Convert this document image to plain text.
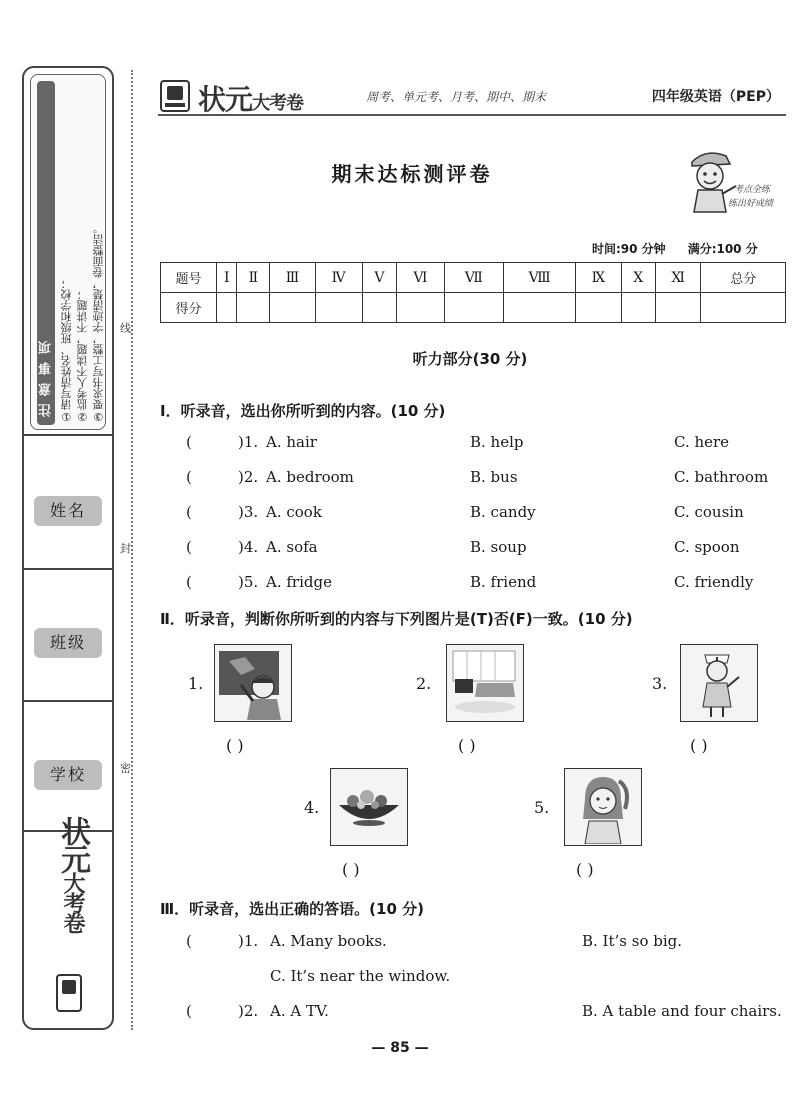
注意事项 ①请写清姓名、班级和学校； ②监考人不读题，不讲题； ③要求书写工整，字迹清楚，卷面整洁。
姓名
班级
学校
状元大考卷
线
封
密
状元大考卷	周考、单元考、月考、期中、期末	四年级英语（PEP）
期末达标测评卷
考点全练
练出好成绩
时间:90 分钟 满分:100 分
题号	Ⅰ	Ⅱ	Ⅲ	Ⅳ	Ⅴ	Ⅵ	Ⅶ	Ⅷ	Ⅸ	Ⅹ	Ⅺ	总分
得分												
听力部分(30 分)
Ⅰ．听录音，选出你所听到的内容。(10 分)
(	)1. A. hair	B. help	C. here
(	)2. A. bedroom	B. bus	C. bathroom
(	)3. A. cook	B. candy	C. cousin
(	)4. A. sofa	B. soup	C. spoon
(	)5. A. fridge	B. friend	C. friendly
Ⅱ．听录音，判断你所听到的内容与下列图片是(T)否(F)一致。(10 分)
1.
( )
2.
( )
3.
( )
4.
( )
5.
( )
Ⅲ．听录音，选出正确的答语。(10 分)
(	)1. A. Many books.	B. It’s so big.
C. It’s near the window.
(	)2. A. A TV.	B. A table and four chairs.
— 85 —
